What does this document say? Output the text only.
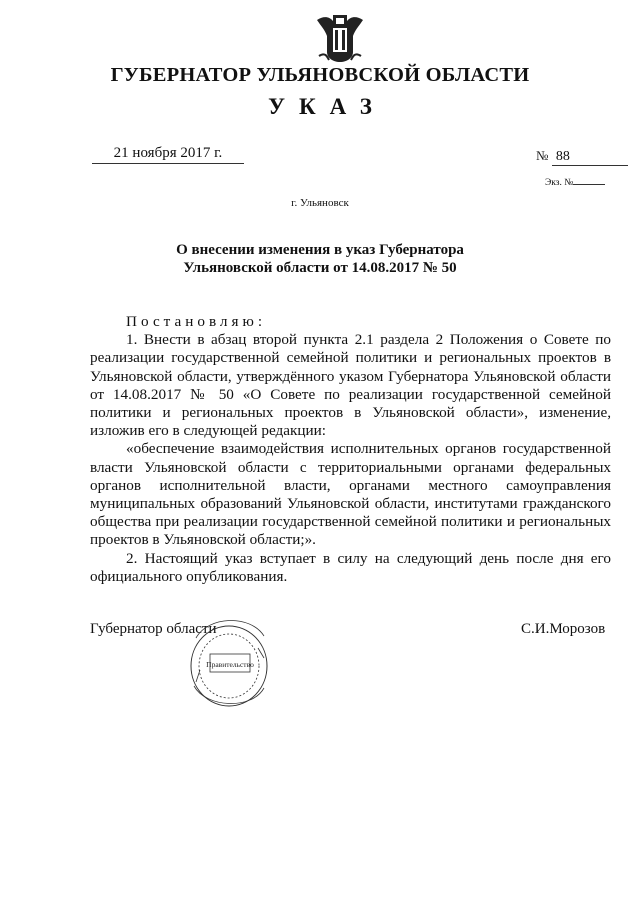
ГУБЕРНАТОР УЛЬЯНОВСКОЙ ОБЛАСТИ
УКАЗ
21 ноября 2017 г.	№ 88
Экз. №
г. Ульяновск
О внесении изменения в указ Губернатора
Ульяновской области от 14.08.2017 № 50

Постановляю:

1. Внести в абзац второй пункта 2.1 раздела 2 Положения о Совете по реализации государственной семейной политики и региональных проектов в Ульяновской области, утверждённого указом Губернатора Ульяновской области от 14.08.2017 № 50 «О Совете по реализации государственной семейной политики и региональных проектов в Ульяновской области», изменение, изложив его в следующей редакции:

«обеспечение взаимодействия исполнительных органов государственной власти Ульяновской области с территориальными органами федеральных органов исполнительной власти, органами местного самоуправления муниципальных образований Ульяновской области, институтами гражданского общества при реализации государственной семейной политики и региональных проектов в Ульяновской области;».

2. Настоящий указ вступает в силу на следующий день после дня его официального опубликования.

Губернатор области	С.И.Морозов
Правительство
